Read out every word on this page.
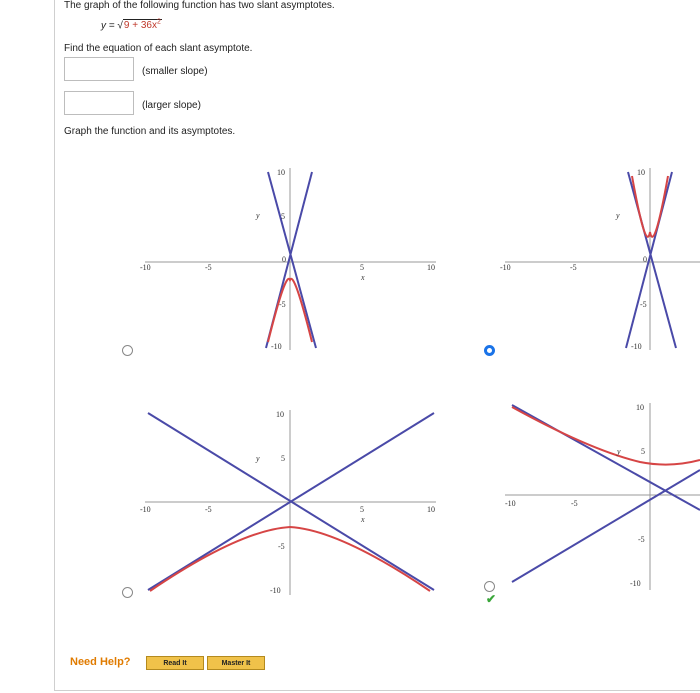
The graph of the following function has two slant asymptotes.
$y = √9 + 36x^2$
Find the equation of each slant asymptote.
(smaller slope)
(larger slope)
Graph the function and its asymptotes.
-10	-5	5	10
x
10
5
0
-5
-10
y
-10	-5
10
0
-5
-10
y
-10	-5	5	10
x
10
5
-5
-10
y
-10	-5
10
5
-5
-10
y
✔
Need Help?	Read It	Master It
